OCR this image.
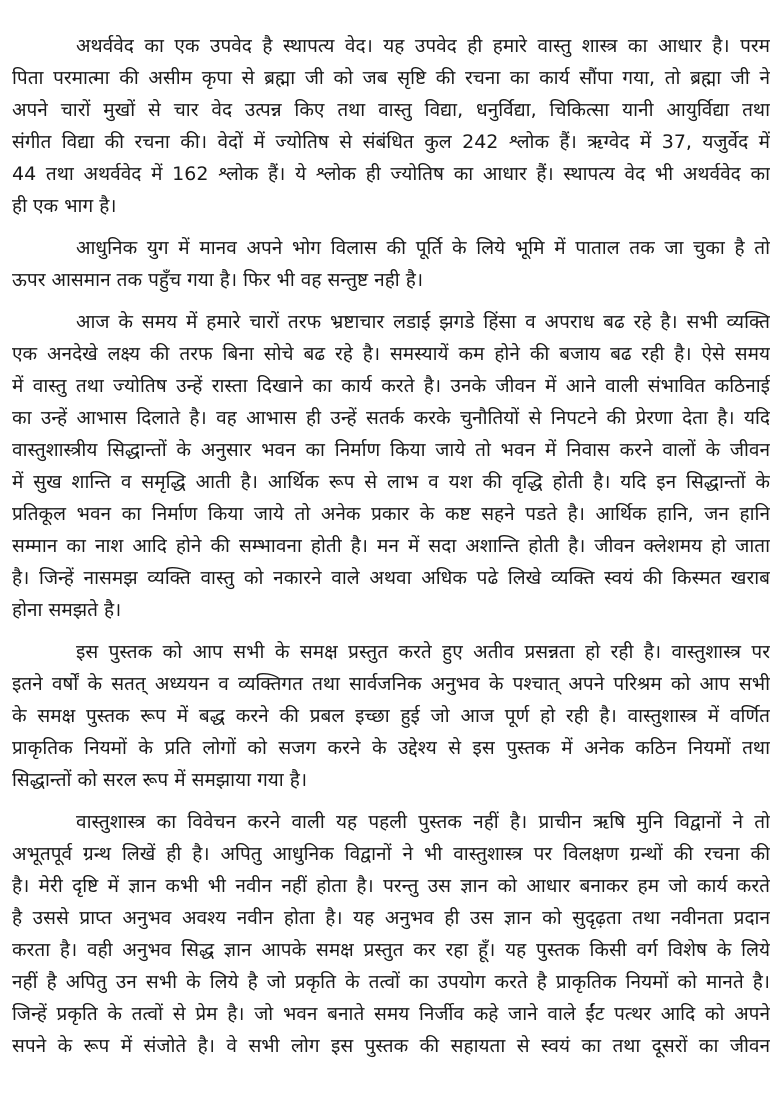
अथर्ववेद का एक उपवेद है स्थापत्य वेद। यह उपवेद ही हमारे वास्तु शास्त्र का आधार है। परम
पिता परमात्मा की असीम कृपा से ब्रह्मा जी को जब सृष्टि की रचना का कार्य सौंपा गया, तो ब्रह्मा जी ने
अपने चारों मुखों से चार वेद उत्पन्न किए तथा वास्तु विद्या, धनुर्विद्या, चिकित्सा यानी आयुर्विद्या तथा
संगीत विद्या की रचना की। वेदों में ज्योतिष से संबंधित कुल 242 श्लोक हैं। ऋग्वेद में 37, यजुर्वेद में
44 तथा अथर्ववेद में 162 श्लोक हैं। ये श्लोक ही ज्योतिष का आधार हैं। स्थापत्य वेद भी अथर्ववेद का
ही एक भाग है।
आधुनिक युग में मानव अपने भोग विलास की पूर्ति के लिये भूमि में पाताल तक जा चुका है तो
ऊपर आसमान तक पहुँच गया है। फिर भी वह सन्तुष्ट नही है।
आज के समय में हमारे चारों तरफ भ्रष्टाचार लडाई झगडे हिंसा व अपराध बढ रहे है। सभी व्यक्ति
एक अनदेखे लक्ष्य की तरफ बिना सोचे बढ रहे है। समस्यायें कम होने की बजाय बढ रही है। ऐसे समय
में वास्तु तथा ज्योतिष उन्हें रास्ता दिखाने का कार्य करते है। उनके जीवन में आने वाली संभावित कठिनाई
का उन्हें आभास दिलाते है। वह आभास ही उन्हें सतर्क करके चुनौतियों से निपटने की प्रेरणा देता है। यदि
वास्तुशास्त्रीय सिद्धान्तों के अनुसार भवन का निर्माण किया जाये तो भवन में निवास करने वालों के जीवन
में सुख शान्ति व समृद्धि आती है। आर्थिक रूप से लाभ व यश की वृद्धि होती है। यदि इन सिद्धान्तों के
प्रतिकूल भवन का निर्माण किया जाये तो अनेक प्रकार के कष्ट सहने पडते है। आर्थिक हानि, जन हानि
सम्मान का नाश आदि होने की सम्भावना होती है। मन में सदा अशान्ति होती है। जीवन क्लेशमय हो जाता
है। जिन्हें नासमझ व्यक्ति वास्तु को नकारने वाले अथवा अधिक पढे लिखे व्यक्ति स्वयं की किस्मत खराब
होना समझते है।
इस पुस्तक को आप सभी के समक्ष प्रस्तुत करते हुए अतीव प्रसन्नता हो रही है। वास्तुशास्त्र पर
इतने वर्षों के सतत् अध्ययन व व्यक्तिगत तथा सार्वजनिक अनुभव के पश्चात् अपने परिश्रम को आप सभी
के समक्ष पुस्तक रूप में बद्ध करने की प्रबल इच्छा हुई जो आज पूर्ण हो रही है। वास्तुशास्त्र में वर्णित
प्राकृतिक नियमों के प्रति लोगों को सजग करने के उद्देश्य से इस पुस्तक में अनेक कठिन नियमों तथा
सिद्धान्तों को सरल रूप में समझाया गया है।
वास्तुशास्त्र का विवेचन करने वाली यह पहली पुस्तक नहीं है। प्राचीन ऋषि मुनि विद्वानों ने तो
अभूतपूर्व ग्रन्थ लिखें ही है। अपितु आधुनिक विद्वानों ने भी वास्तुशास्त्र पर विलक्षण ग्रन्थों की रचना की
है। मेरी दृष्टि में ज्ञान कभी भी नवीन नहीं होता है। परन्तु उस ज्ञान को आधार बनाकर हम जो कार्य करते
है उससे प्राप्त अनुभव अवश्य नवीन होता है। यह अनुभव ही उस ज्ञान को सुदृढ़ता तथा नवीनता प्रदान
करता है। वही अनुभव सिद्ध ज्ञान आपके समक्ष प्रस्तुत कर रहा हूँ। यह पुस्तक किसी वर्ग विशेष के लिये
नहीं है अपितु उन सभी के लिये है जो प्रकृति के तत्वों का उपयोग करते है प्राकृतिक नियमों को मानते है।
जिन्हें प्रकृति के तत्वों से प्रेम है। जो भवन बनाते समय निर्जीव कहे जाने वाले ईंट पत्थर आदि को अपने
सपने के रूप में संजोते है। वे सभी लोग इस पुस्तक की सहायता से स्वयं का तथा दूसरों का जीवन
